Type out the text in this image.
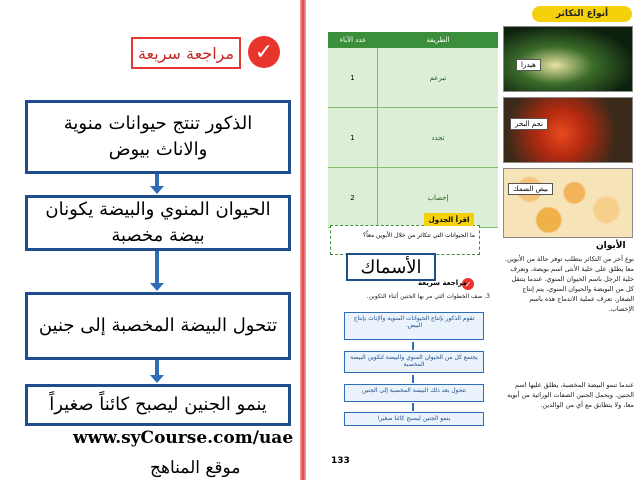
✓
مراجعة سريعة
الذكور تنتج حيوانات منوية والاناث بيوض
الحيوان المنوي والبيضة يكونان بيضة مخصبة
تتحول البيضة المخصبة إلى جنين
ينمو الجنين ليصبح كائناً صغيراً
www.syCourse.com/uae
موقع المناهج
أنواع التكاثر
الطريقة
عدد الآباء
تبرعم
1
تجدد
1
إخصاب
2
هيدرا
نجم البحر
بيض السمك
ما الحيوانات التي تتكاثر من خلال الأبوين معاً؟
اقرأ الجدول
الأسماك
✓
مراجعة سريعة
3. صف الخطوات التي مر بها الجنين أثناء التكوين.
تقوم الذكور بإنتاج الحيوانات المنوية والإناث بإنتاج البيض.
يجتمع كل من الحيوان المنوي والبيضة لتكوين البيضة المخصبة
تتحول بعد ذلك البيضة المخصبة إلى الجنين
ينمو الجنين ليصبح كائنا صغيرا
الأبوان
نوع آخر من التكاثر يتطلب توفر حالة من الأبوين. معا يطلق على خلية الأنثى اسم بويضة، وتعرف خلية الرجل باسم الحيوان المنوي. عندما ينتقل كل من البويضة والحيوان المنوي، يتم إنتاج الصغار. تعرف عملية الاندماج هذه باسم الإخصاب.
عندما تنمو البيضة المخصبة، يطلق عليها اسم الجنين. ويحمل الجنين الصفات الوراثية من أبويه معا، ولا يتطابق مع أي من الوالدين.
133
